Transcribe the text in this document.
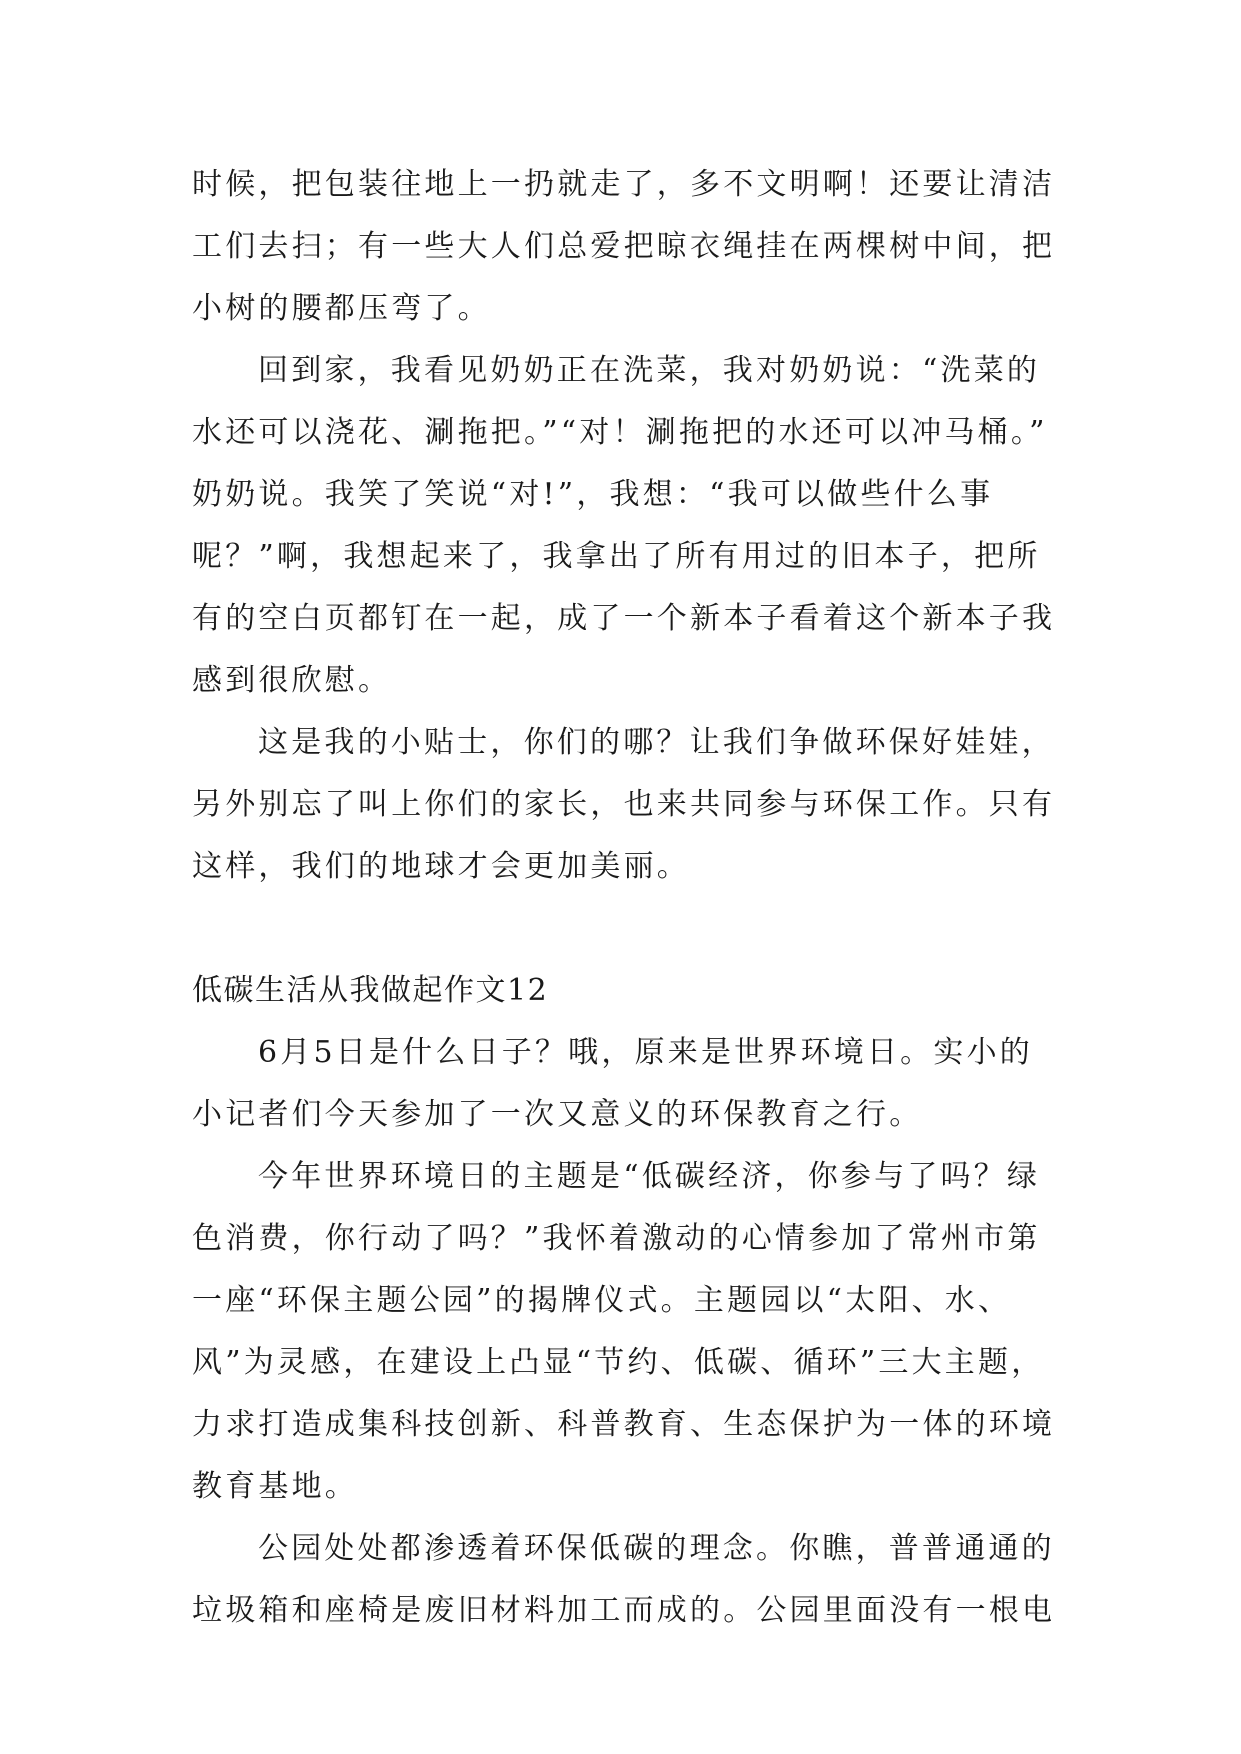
时候，把包装往地上一扔就走了，多不文明啊！还要让清洁
工们去扫；有一些大人们总爱把晾衣绳挂在两棵树中间，把
小树的腰都压弯了。
回到家，我看见奶奶正在洗菜，我对奶奶说：“洗菜的
水还可以浇花、涮拖把。”“对！涮拖把的水还可以冲马桶。”
奶奶说。我笑了笑说“对!”，我想：“我可以做些什么事
呢？”啊，我想起来了，我拿出了所有用过的旧本子，把所
有的空白页都钉在一起，成了一个新本子看着这个新本子我
感到很欣慰。
这是我的小贴士，你们的哪？让我们争做环保好娃娃，
另外别忘了叫上你们的家长，也来共同参与环保工作。只有
这样，我们的地球才会更加美丽。
低碳生活从我做起作文12
6月5日是什么日子？哦，原来是世界环境日。实小的
小记者们今天参加了一次又意义的环保教育之行。
今年世界环境日的主题是“低碳经济，你参与了吗？绿
色消费，你行动了吗？”我怀着激动的心情参加了常州市第
一座“环保主题公园”的揭牌仪式。主题园以“太阳、水、
风”为灵感，在建设上凸显“节约、低碳、循环”三大主题，
力求打造成集科技创新、科普教育、生态保护为一体的环境
教育基地。
公园处处都渗透着环保低碳的理念。你瞧，普普通通的
垃圾箱和座椅是废旧材料加工而成的。公园里面没有一根电
